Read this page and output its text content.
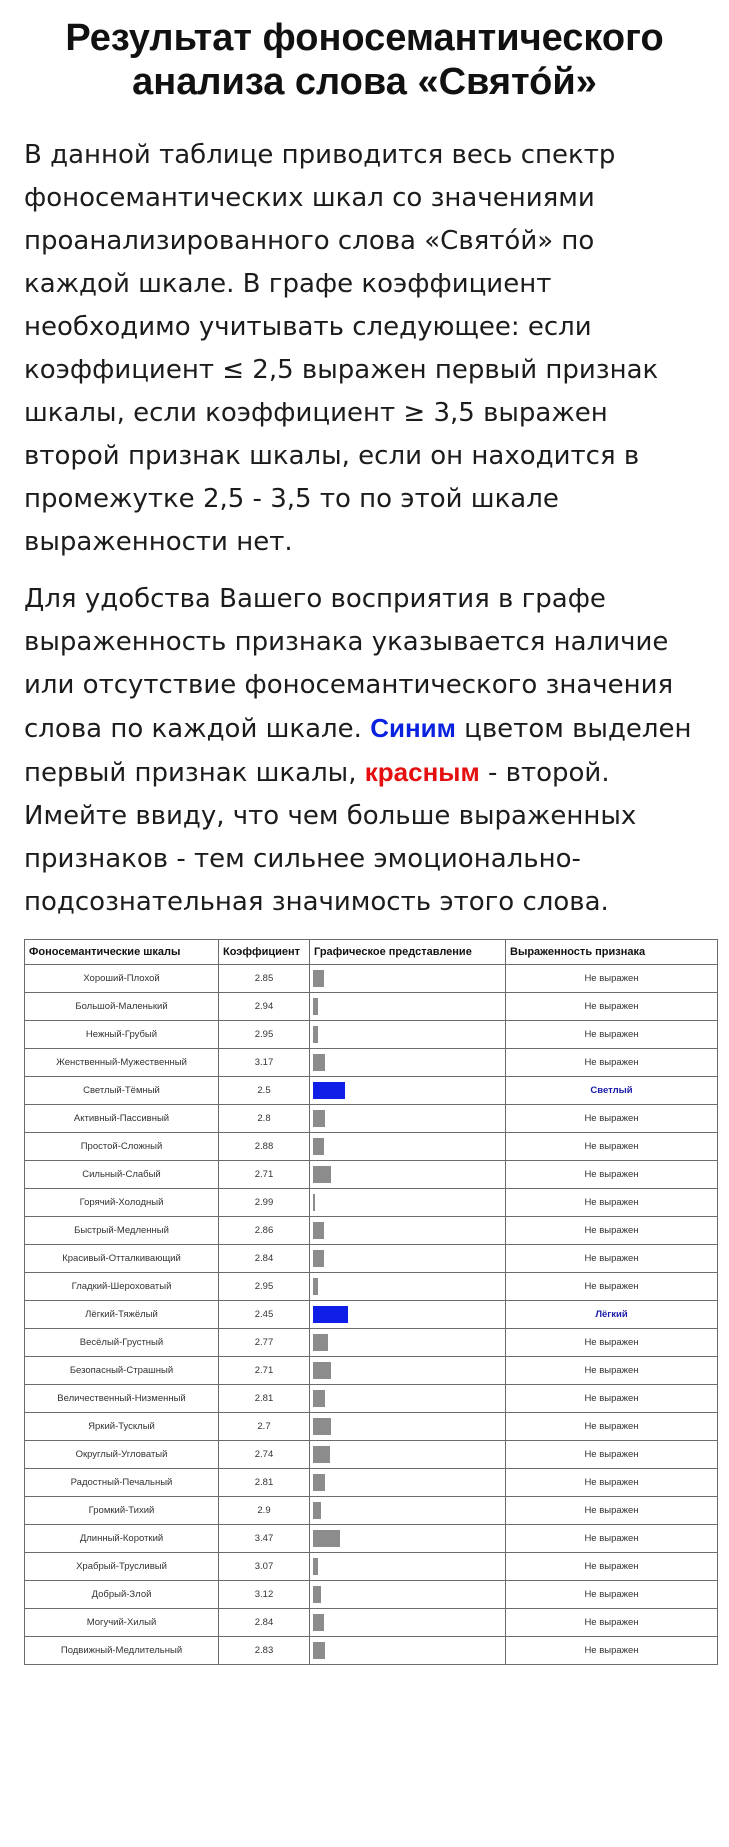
Результат фоносемантического анализа слова «Свято́й»

В данной таблице приводится весь спектр фоносемантических шкал со значениями проанализированного слова «Свято́й» по каждой шкале. В графе коэффициент необходимо учитывать следующее: если коэффициент ≤ 2,5 выражен первый признак шкалы, если коэффициент ≥ 3,5 выражен второй признак шкалы, если он находится в промежутке 2,5 - 3,5 то по этой шкале выраженности нет.

Для удобства Вашего восприятия в графе выраженность признака указывается наличие или отсутствие фоносемантического значения слова по каждой шкале. Синим цветом выделен первый признак шкалы, красным - второй. Имейте ввиду, что чем больше выраженных признаков - тем сильнее эмоционально-подсознательная значимость этого слова.

Фоносемантические шкалы	Коэффициент	Графическое представление	Выраженность признака
Хороший-Плохой	2.85		Не выражен
Большой-Маленький	2.94		Не выражен
Нежный-Грубый	2.95		Не выражен
Женственный-Мужественный	3.17		Не выражен
Светлый-Тёмный	2.5		Светлый
Активный-Пассивный	2.8		Не выражен
Простой-Сложный	2.88		Не выражен
Сильный-Слабый	2.71		Не выражен
Горячий-Холодный	2.99		Не выражен
Быстрый-Медленный	2.86		Не выражен
Красивый-Отталкивающий	2.84		Не выражен
Гладкий-Шероховатый	2.95		Не выражен
Лёгкий-Тяжёлый	2.45		Лёгкий
Весёлый-Грустный	2.77		Не выражен
Безопасный-Страшный	2.71		Не выражен
Величественный-Низменный	2.81		Не выражен
Яркий-Тусклый	2.7		Не выражен
Округлый-Угловатый	2.74		Не выражен
Радостный-Печальный	2.81		Не выражен
Громкий-Тихий	2.9		Не выражен
Длинный-Короткий	3.47		Не выражен
Храбрый-Трусливый	3.07		Не выражен
Добрый-Злой	3.12		Не выражен
Могучий-Хилый	2.84		Не выражен
Подвижный-Медлительный	2.83		Не выражен
